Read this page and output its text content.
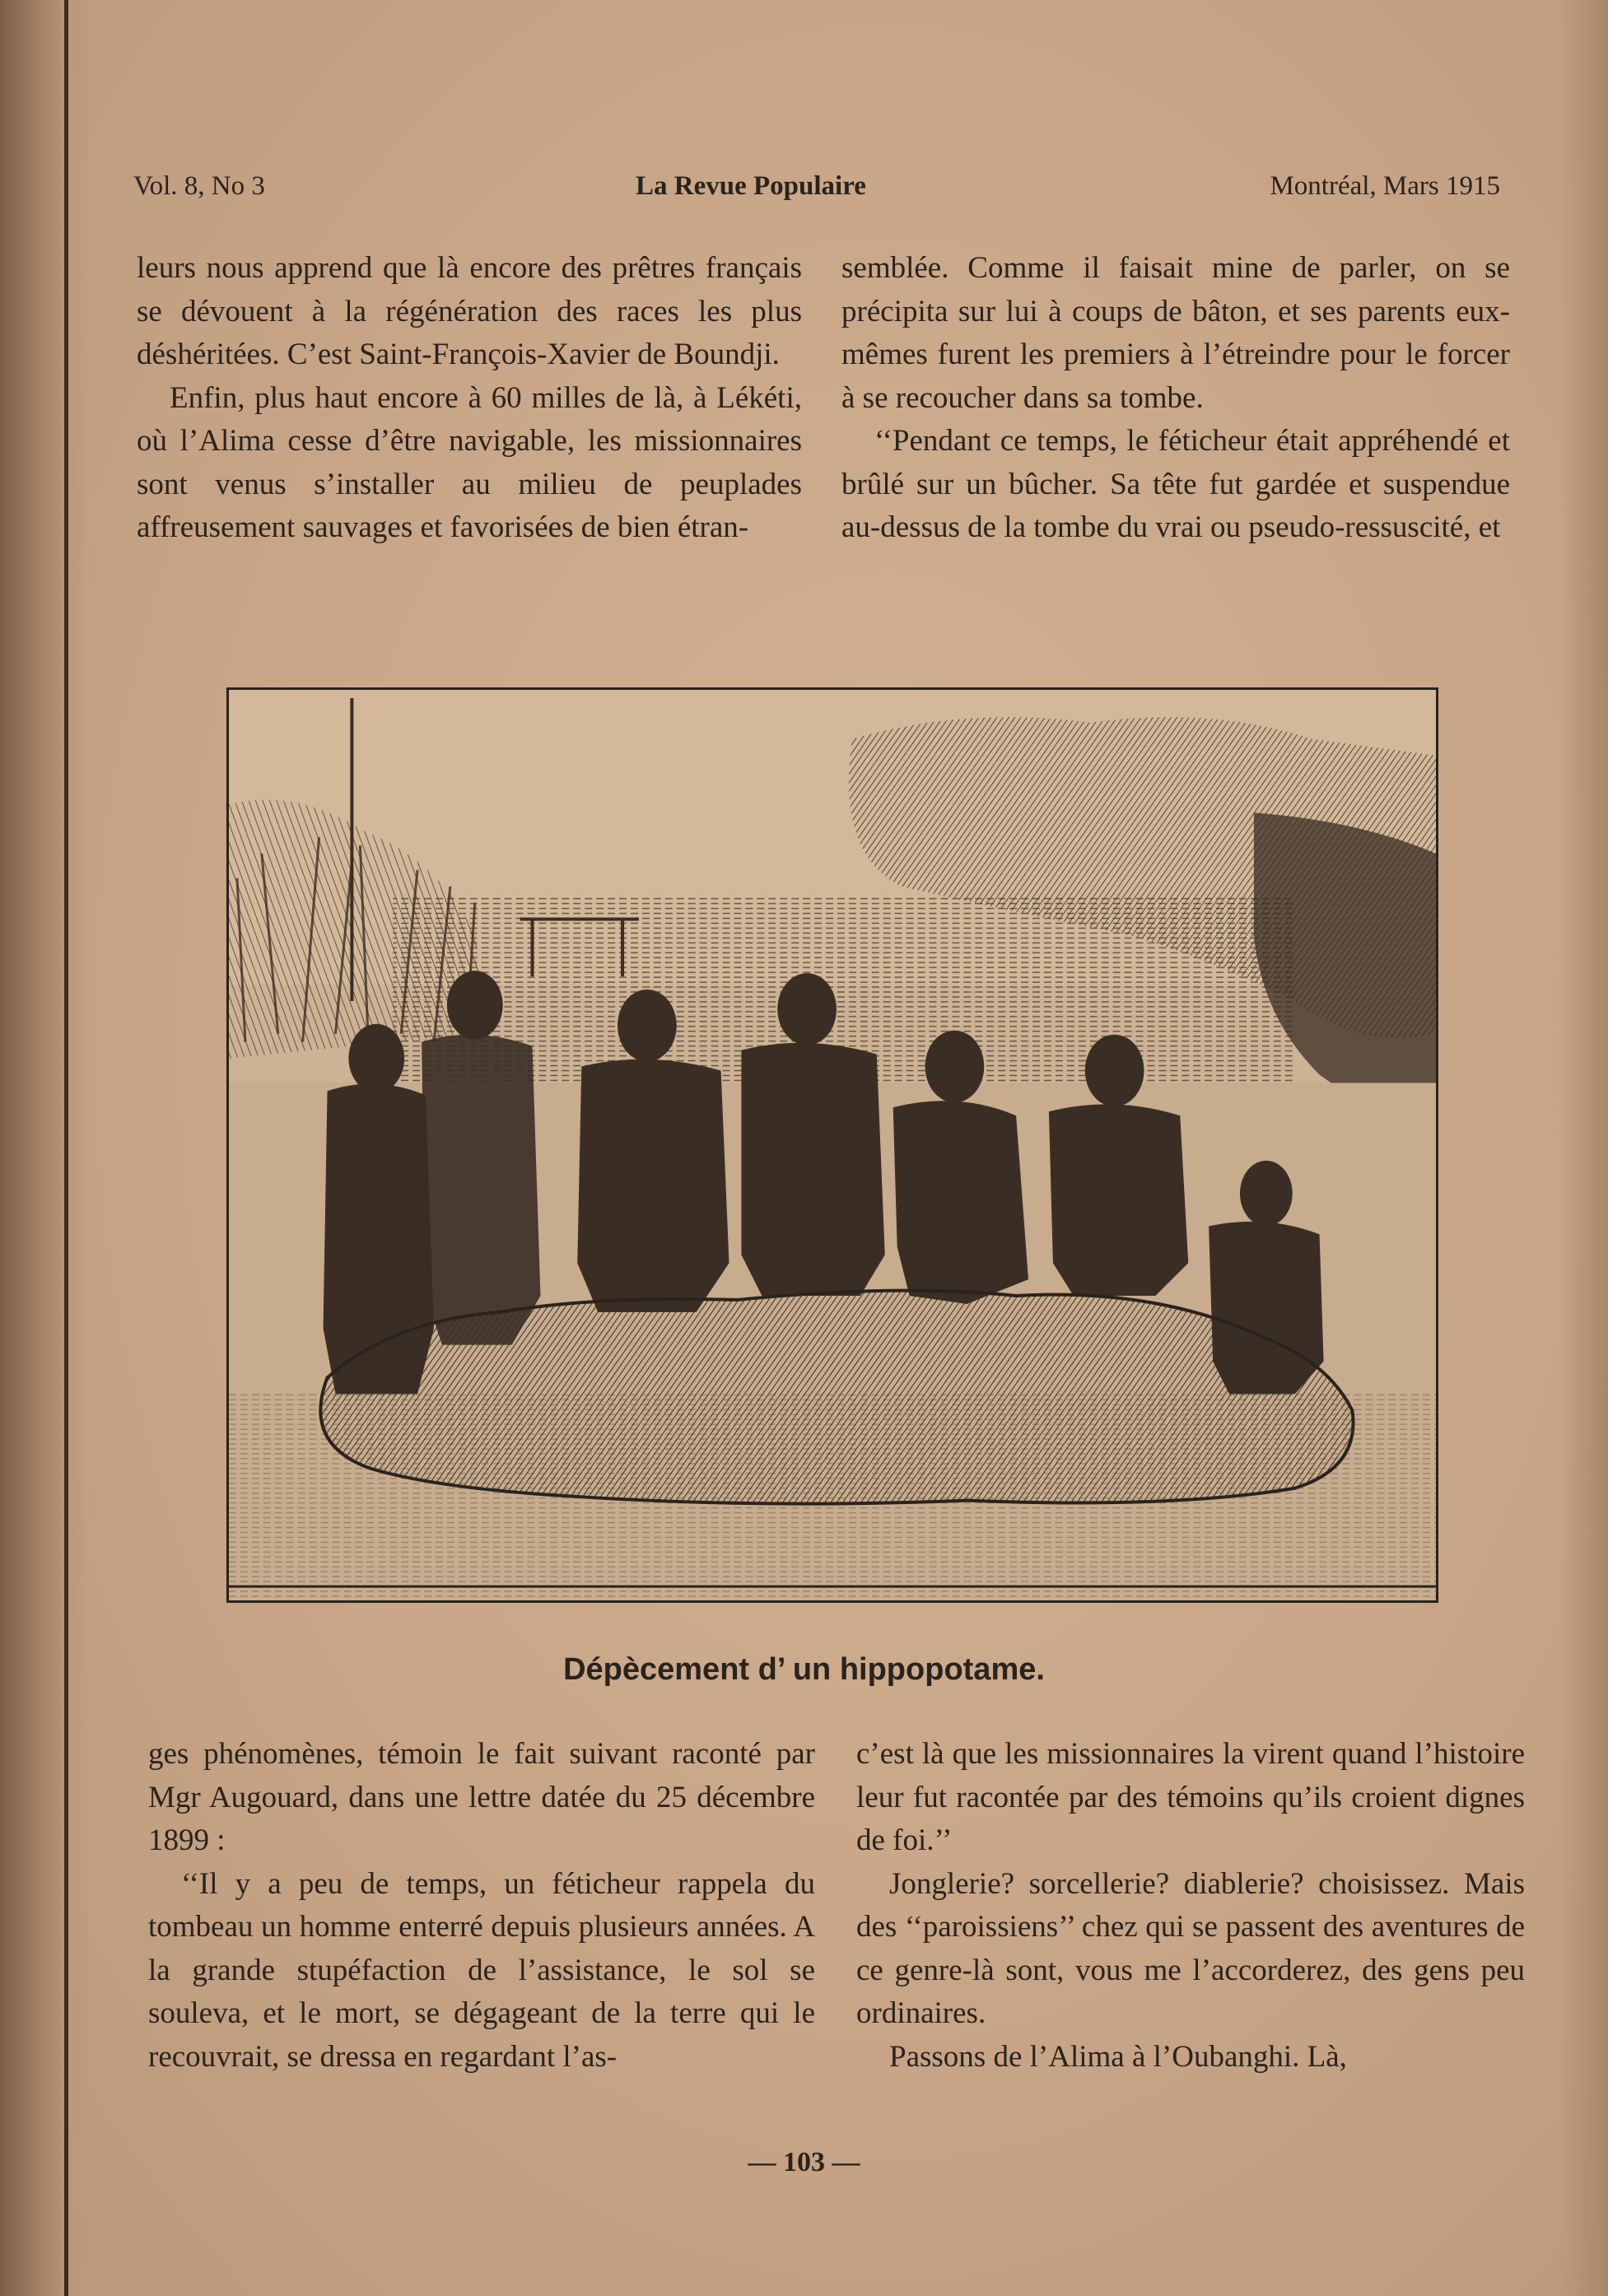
Vol. 8, No 3	La Revue Populaire	Montréal, Mars 1915

leurs nous apprend que là encore des prêtres français se dévouent à la régénération des races les plus déshéritées. C’est Saint-François-Xavier de Boundji.

Enfin, plus haut encore à 60 milles de là, à Lékéti, où l’Alima cesse d’être navigable, les missionnaires sont venus s’installer au milieu de peuplades affreusement sauvages et favorisées de bien étran-

semblée. Comme il faisait mine de parler, on se précipita sur lui à coups de bâton, et ses parents eux-mêmes furent les premiers à l’étreindre pour le forcer à se recoucher dans sa tombe.

‘‘Pendant ce temps, le féticheur était appréhendé et brûlé sur un bûcher. Sa tête fut gardée et suspendue au-dessus de la tombe du vrai ou pseudo-ressuscité, et

Dépècement d’ un hippopotame.

ges phénomènes, témoin le fait suivant raconté par Mgr Augouard, dans une lettre datée du 25 décembre 1899 :

‘‘Il y a peu de temps, un féticheur rappela du tombeau un homme enterré depuis plusieurs années. A la grande stupéfaction de l’assistance, le sol se souleva, et le mort, se dégageant de la terre qui le recouvrait, se dressa en regardant l’as-

c’est là que les missionnaires la virent quand l’histoire leur fut racontée par des témoins qu’ils croient dignes de foi.’’

Jonglerie? sorcellerie? diablerie? choisissez. Mais des ‘‘paroissiens’’ chez qui se passent des aventures de ce genre-là sont, vous me l’accorderez, des gens peu ordinaires.

Passons de l’Alima à l’Oubanghi. Là,

— 103 —
